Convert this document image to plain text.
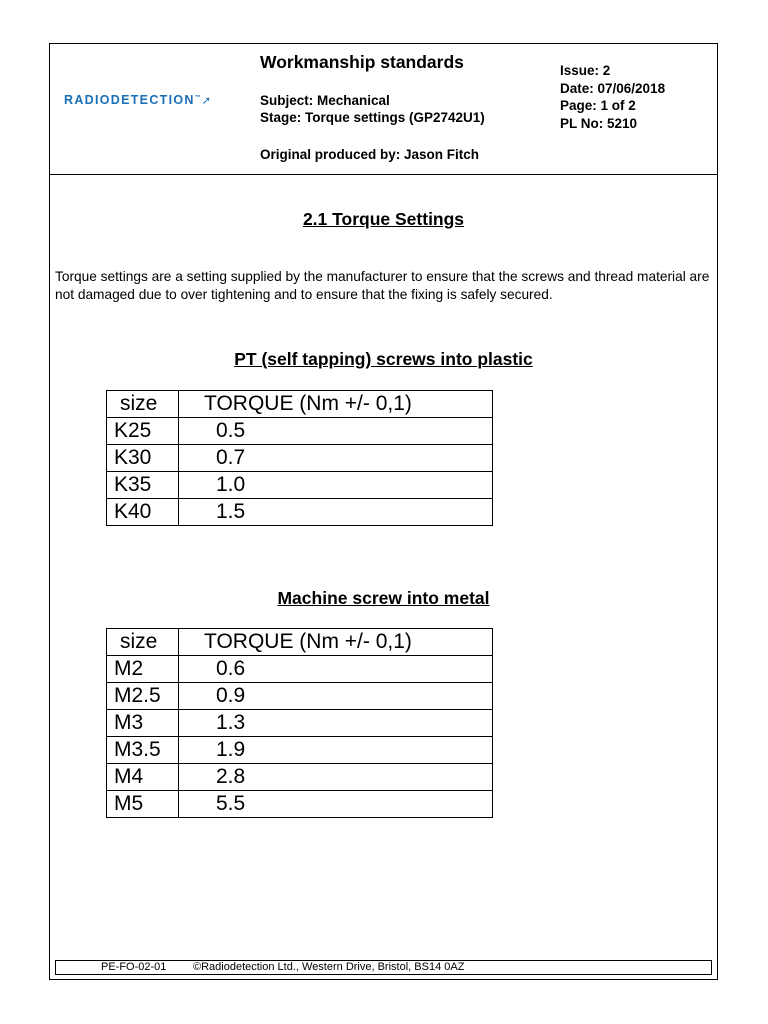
RADIODETECTION™➚
Workmanship standards
Subject: Mechanical
Stage: Torque settings (GP2742U1)
Original produced by: Jason Fitch
Issue: 2
Date: 07/06/2018
Page: 1 of 2
PL No: 5210
2.1 Torque Settings
Torque settings are a setting supplied by the manufacturer to ensure that the screws and thread material are not damaged due to over tightening and to ensure that the fixing is safely secured.
PT (self tapping) screws into plastic
size	TORQUE (Nm +/- 0,1)
K25	0.5
K30	0.7
K35	1.0
K40	1.5
Machine screw into metal
size	TORQUE (Nm +/- 0,1)
M2	0.6
M2.5	0.9
M3	1.3
M3.5	1.9
M4	2.8
M5	5.5
PE-FO-02-01 ©Radiodetection Ltd., Western Drive, Bristol, BS14 0AZ
